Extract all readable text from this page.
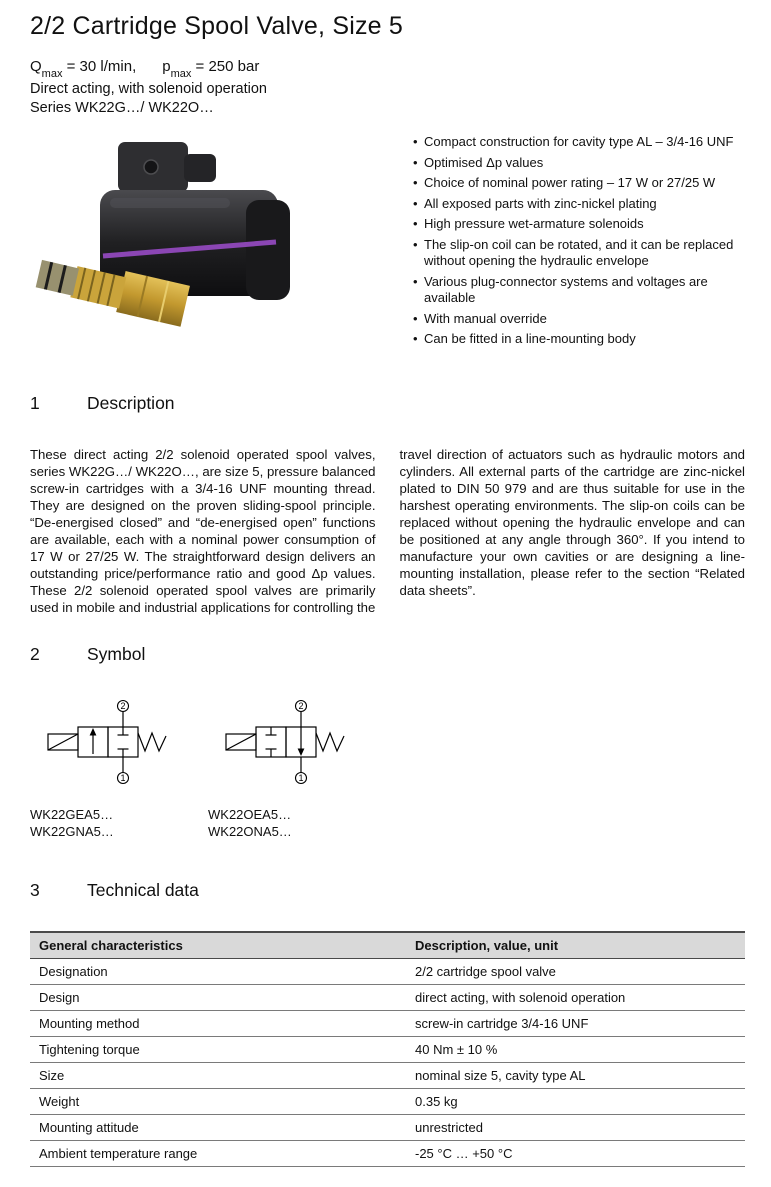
2/2 Cartridge Spool Valve, Size 5
$Q_{max} = 30$ l/min, $p_{max} = 250$ bar
Direct acting, with solenoid operation
Series WK22G…/ WK22O…
• Compact construction for cavity type AL – 3/4-16 UNF
• Optimised Δp values
• Choice of nominal power rating – 17 W or 27/25 W
• All exposed parts with zinc-nickel plating
• High pressure wet-armature solenoids
• The slip-on coil can be rotated, and it can be replaced without opening the hydraulic envelope
• Various plug-connector systems and voltages are available
• With manual override
• Can be fitted in a line-mounting body
1	Description
These direct acting 2/2 solenoid operated spool valves, series WK22G…/ WK22O…, are size 5, pressure balanced screw-in cartridges with a 3/4-16 UNF mounting thread. They are designed on the proven sliding-spool principle. “De-energised closed” and “de-energised open” functions are available, each with a nominal power consumption of 17 W or 27/25 W. The straightforward design delivers an outstanding price/performance ratio and good Δp values. These 2/2 solenoid operated spool valves are primarily used in mobile and industrial applications for controlling the
travel direction of actuators such as hydraulic motors and cylinders. All external parts of the cartridge are zinc-nickel plated to DIN 50 979 and are thus suitable for use in the harshest operating environments. The slip-on coils can be replaced without opening the hydraulic envelope and can be positioned at any angle through 360°. If you intend to manufacture your own cavities or are designing a line-mounting installation, please refer to the section “Related data sheets”.
2	Symbol
2
1
WK22GEA5…
WK22GNA5…
2
1
WK22OEA5…
WK22ONA5…
3	Technical data
General characteristics	Description, value, unit
Designation	2/2 cartridge spool valve
Design	direct acting, with solenoid operation
Mounting method	screw-in cartridge 3/4-16 UNF
Tightening torque	40 Nm ± 10 %
Size	nominal size 5, cavity type AL
Weight	0.35 kg
Mounting attitude	unrestricted
Ambient temperature range	-25 °C … +50 °C
